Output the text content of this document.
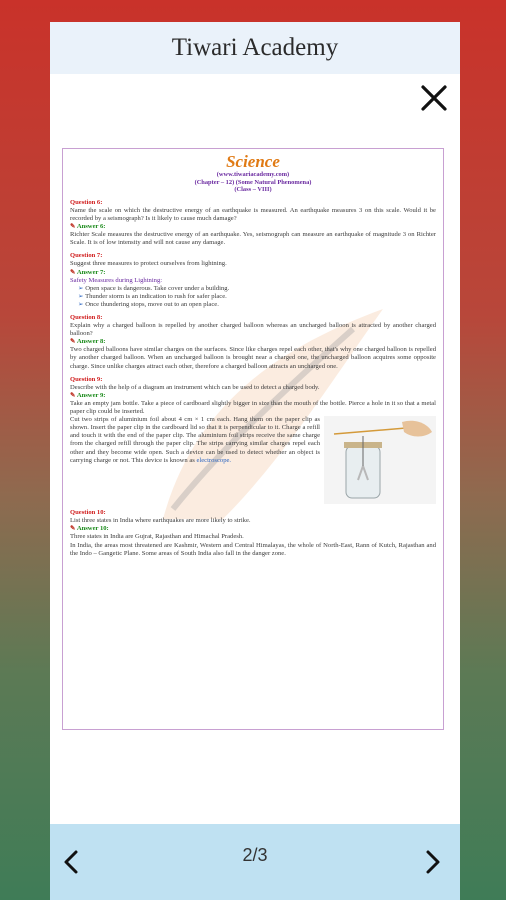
Tiwari Academy
Science
(www.tiwariacademy.com)
(Chapter – 12) (Some Natural Phenomena)
(Class – VIII)
Question 6:

Name the scale on which the destructive energy of an earthquake is measured. An earthquake measures 3 on this scale. Would it be recorded by a seismograph? Is it likely to cause much damage?

✎ Answer 6:

Richter Scale measures the destructive energy of an earthquake. Yes, seismograph can measure an earthquake of magnitude 3 on Richter Scale. It is of low intensity and will not cause any damage.

Question 7:

Suggest three measures to protect ourselves from lightning.

✎ Answer 7:

Safety Measures during Lightning:

➢ Open space is dangerous. Take cover under a building.
➢ Thunder storm is an indication to rush for safer place.
➢ Once thundering stops, move out to an open place.
Question 8:

Explain why a charged balloon is repelled by another charged balloon whereas an uncharged balloon is attracted by another charged balloon?

✎ Answer 8:

Two charged balloons have similar charges on the surfaces. Since like charges repel each other, that's why one charged balloon is repelled by another charged balloon. When an uncharged balloon is brought near a charged one, the uncharged balloon acquires some opposite charge. Since unlike charges attract each other, therefore a charged balloon attracts an uncharged one.

Question 9:

Describe with the help of a diagram an instrument which can be used to detect a charged body.

✎ Answer 9:

Take an empty jam bottle. Take a piece of cardboard slightly bigger in size than the mouth of the bottle. Pierce a hole in it so that a metal paper clip could be inserted.

Cut two strips of aluminium foil about 4 cm × 1 cm each. Hang them on the paper clip as shown. Insert the paper clip in the cardboard lid so that it is perpendicular to it. Charge a refill and touch it with the end of the paper clip. The aluminium foil strips receive the same charge from the charged refill through the paper clip. The strips carrying similar charges repel each other and they become wide open. Such a device can be used to detect whether an object is carrying charge or not. This device is known as electroscope.

Question 10:

List three states in India where earthquakes are more likely to strike.

✎ Answer 10:

Three states in India are Gujrat, Rajasthan and Himachal Pradesh.

In India, the areas most threatened are Kashmir, Western and Central Himalayas, the whole of North-East, Rann of Kutch, Rajasthan and the Indo – Gangetic Plane. Some areas of South India also fall in the danger zone.

2/3
